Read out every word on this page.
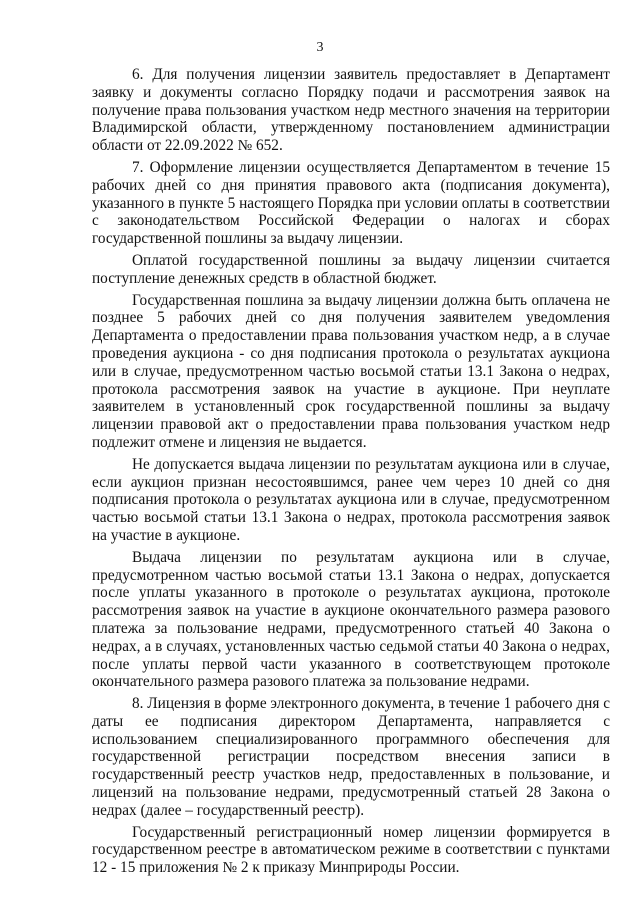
3

6. Для получения лицензии заявитель предоставляет в Департамент заявку и документы согласно Порядку подачи и рассмотрения заявок на получение права пользования участком недр местного значения на территории Владимирской области, утвержденному постановлением администрации области от 22.09.2022 № 652.

7. Оформление лицензии осуществляется Департаментом в течение 15 рабочих дней со дня принятия правового акта (подписания документа), указанного в пункте 5 настоящего Порядка при условии оплаты в соответствии с законодательством Российской Федерации о налогах и сборах государственной пошлины за выдачу лицензии.

Оплатой государственной пошлины за выдачу лицензии считается поступление денежных средств в областной бюджет.

Государственная пошлина за выдачу лицензии должна быть оплачена не позднее 5 рабочих дней со дня получения заявителем уведомления Департамента о предоставлении права пользования участком недр, а в случае проведения аукциона - со дня подписания протокола о результатах аукциона или в случае, предусмотренном частью восьмой статьи 13.1 Закона о недрах, протокола рассмотрения заявок на участие в аукционе. При неуплате заявителем в установленный срок государственной пошлины за выдачу лицензии правовой акт о предоставлении права пользования участком недр подлежит отмене и лицензия не выдается.

Не допускается выдача лицензии по результатам аукциона или в случае, если аукцион признан несостоявшимся, ранее чем через 10 дней со дня подписания протокола о результатах аукциона или в случае, предусмотренном частью восьмой статьи 13.1 Закона о недрах, протокола рассмотрения заявок на участие в аукционе.

Выдача лицензии по результатам аукциона или в случае, предусмотренном частью восьмой статьи 13.1 Закона о недрах, допускается после уплаты указанного в протоколе о результатах аукциона, протоколе рассмотрения заявок на участие в аукционе окончательного размера разового платежа за пользование недрами, предусмотренного статьей 40 Закона о недрах, а в случаях, установленных частью седьмой статьи 40 Закона о недрах, после уплаты первой части указанного в соответствующем протоколе окончательного размера разового платежа за пользование недрами.

8. Лицензия в форме электронного документа, в течение 1 рабочего дня с даты ее подписания директором Департамента, направляется с использованием специализированного программного обеспечения для государственной регистрации посредством внесения записи в государственный реестр участков недр, предоставленных в пользование, и лицензий на пользование недрами, предусмотренный статьей 28 Закона о недрах (далее – государственный реестр).

Государственный регистрационный номер лицензии формируется в государственном реестре в автоматическом режиме в соответствии с пунктами 12 - 15 приложения № 2 к приказу Минприроды России.
